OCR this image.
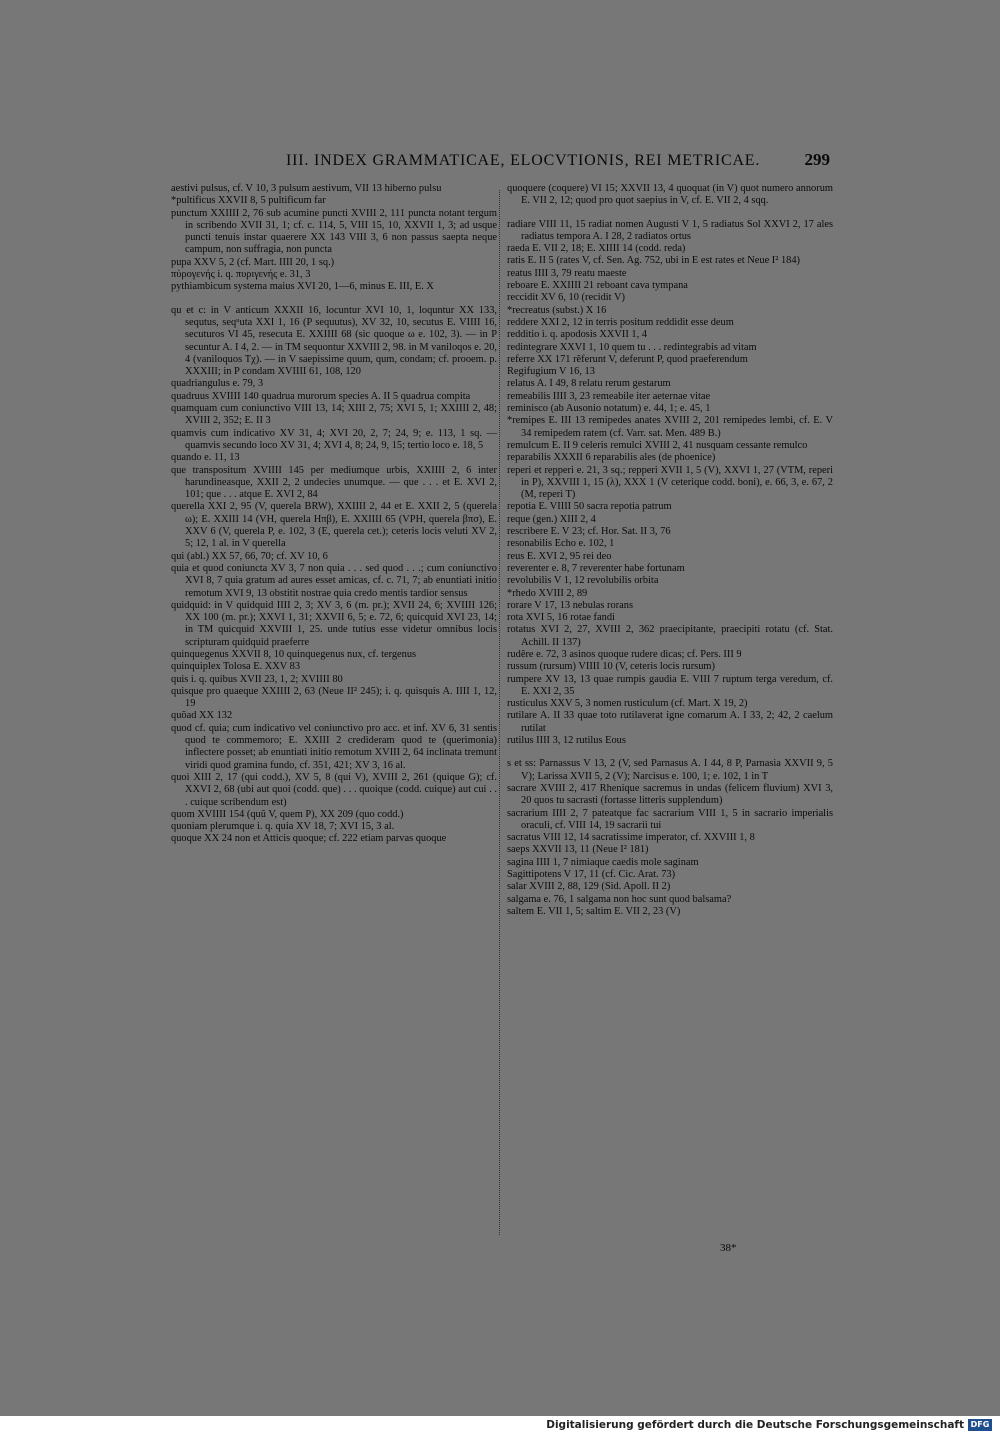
III. INDEX GRAMMATICAE, ELOCVTIONIS, REI METRICAE.	299

aestivi pulsus, cf. V 10, 3 pulsum aestivum, VII 13 hiberno pulsu

*pultificus XXVII 8, 5 pultificum far

punctum XXIIII 2, 76 sub acumine puncti XVIII 2, 111 puncta notant tergum in scribendo XVII 31, 1; cf. c. 114, 5, VIII 15, 10, XXVII 1, 3; ad usque puncti tenuis instar quaerere XX 143 VIII 3, 6 non passus saepta neque campum, non suffragia, non puncta

pupa XXV 5, 2 (cf. Mart. IIII 20, 1 sq.)

πὐρογενής i. q. πυριγενής e. 31, 3

pythiambicum systema maius XVI 20, 1—6, minus E. III, E. X

qu et c: in V anticum XXXII 16, locuntur XVI 10, 1, loquntur XX 133, sequtus, seqᵘuta XXI 1, 16 (P sequutus), XV 32, 10, secutus E. VIIII 16, secuturos VI 45, resecuta E. XXIIII 68 (sic quoque ω e. 102, 3). — in P secuntur A. I 4, 2. — in TM sequontur XXVIII 2, 98. in M vaniloqos e. 20, 4 (vaniloquos Tχ). — in V saepissime quum, qum, condam; cf. prooem. p. XXXIII; in P condam XVIIII 61, 108, 120

quadriangulus e. 79, 3

quadruus XVIIII 140 quadrua murorum species A. II 5 quadrua compita

quamquam cum coniunctivo VIII 13, 14; XIII 2, 75; XVI 5, 1; XXIIII 2, 48; XVIII 2, 352; E. II 3

quamvis cum indicativo XV 31, 4; XVI 20, 2, 7; 24, 9; e. 113, 1 sq. — quamvis secundo loco XV 31, 4; XVI 4, 8; 24, 9, 15; tertio loco e. 18, 5

quando e. 11, 13

que transpositum XVIIII 145 per mediumque urbis, XXIIII 2, 6 inter harundineasque, XXII 2, 2 undecies unumque. — que . . . et E. XVI 2, 101; que . . . atque E. XVI 2, 84

querella XXI 2, 95 (V, querela BRW), XXIIII 2, 44 et E. XXII 2, 5 (querela ω); E. XXIII 14 (VH, querela Hπβ), E. XXIIII 65 (VPH, querela βπσ), E. XXV 6 (V, querela P, e. 102, 3 (E, querela cet.); ceteris locis veluti XV 2, 5; 12, 1 al. in V querella

qui (abl.) XX 57, 66, 70; cf. XV 10, 6

quia et quod coniuncta XV 3, 7 non quia . . . sed quod . . .; cum coniunctivo XVI 8, 7 quia gratum ad aures esset amicas, cf. c. 71, 7; ab enuntiati initio remotum XVI 9, 13 obstitit nostrae quia credo mentis tardior sensus

quidquid: in V quidquid IIII 2, 3; XV 3, 6 (m. pr.); XVII 24, 6; XVIIII 126; XX 100 (m. pr.); XXVI 1, 31; XXVII 6, 5; e. 72, 6; quicquid XVI 23, 14; in TM quicquid XXVIII 1, 25. unde tutius esse videtur omnibus locis scripturam quidquid praeferre

quinquegenus XXVII 8, 10 quinquegenus nux, cf. tergenus

quinquiplex Tolosa E. XXV 83

quis i. q. quibus XVII 23, 1, 2; XVIIII 80

quisque pro quaeque XXIIII 2, 63 (Neue II² 245); i. q. quisquis A. IIII 1, 12, 19

quõad XX 132

quod cf. quia; cum indicativo vel coniunctivo pro acc. et inf. XV 6, 31 sentis quod te commemoro; E. XXIII 2 credideram quod te (querimonia) inflectere posset; ab enuntiati initio remotum XVIII 2, 64 inclinata tremunt viridi quod gramina fundo, cf. 351, 421; XV 3, 16 al.

quoi XIII 2, 17 (qui codd.), XV 5, 8 (qui V), XVIII 2, 261 (quique G); cf. XXVI 2, 68 (ubi aut quoi (codd. que) . . . quoique (codd. cuique) aut cui . . . cuique scribendum est)

quom XVIIII 154 (quũ V, quem P), XX 209 (quo codd.)

quoniam plerumque i. q. quia XV 18, 7; XVI 15, 3 al.

quoque XX 24 non et Atticis quoque; cf. 222 etiam parvas quoque

quoquere (coquere) VI 15; XXVII 13, 4 quoquat (in V) quot numero annorum E. VII 2, 12; quod pro quot saepius in V, cf. E. VII 2, 4 sqq.

radiare VIII 11, 15 radiat nomen Augusti V 1, 5 radiatus Sol XXVI 2, 17 ales radiatus tempora A. I 28, 2 radiatos ortus

raeda E. VII 2, 18; E. XIIII 14 (codd. reda)

ratis E. II 5 (rates V, cf. Sen. Ag. 752, ubi in E est rates et Neue I² 184)

reatus IIII 3, 79 reatu maeste

reboare E. XXIIII 21 reboant cava tympana

reccidit XV 6, 10 (recidit V)

*recreatus (subst.) X 16

reddere XXI 2, 12 in terris positum reddidit esse deum

redditio i. q. apodosis XXVII 1, 4

redintegrare XXVI 1, 10 quem tu . . . redintegrabis ad vitam

referre XX 171 rĕferunt V, deferunt P, quod praeferendum

Regifugium V 16, 13

relatus A. I 49, 8 relatu rerum gestarum

remeabilis IIII 3, 23 remeabile iter aeternae vitae

reminisco (ab Ausonio notatum) e. 44, 1; e. 45, 1

*remipes E. III 13 remipedes anates XVIII 2, 201 remipedes lembi, cf. E. V 34 remipedem ratem (cf. Varr. sat. Men. 489 B.)

remulcum E. II 9 celeris remulci XVIII 2, 41 nusquam cessante remulco

reparabilis XXXII 6 reparabilis ales (de phoenice)

reperi et repperi e. 21, 3 sq.; repperi XVII 1, 5 (V), XXVI 1, 27 (VTM, reperi in P), XXVIII 1, 15 (λ), XXX 1 (V ceterique codd. boni), e. 66, 3, e. 67, 2 (M, reperi T)

repotia E. VIIII 50 sacra repotia patrum

reque (gen.) XIII 2, 4

rescribere E. V 23; cf. Hor. Sat. II 3, 76

resonabilis Echo e. 102, 1

reus E. XVI 2, 95 rei deo

reverenter e. 8, 7 reverenter habe fortunam

revolubilis V 1, 12 revolubilis orbita

*rhedo XVIII 2, 89

rorare V 17, 13 nebulas rorans

rota XVI 5, 16 rotae fandi

rotatus XVI 2, 27, XVIII 2, 362 praecipitante, praecipiti rotatu (cf. Stat. Achill. II 137)

rudĕre e. 72, 3 asinos quoque rudere dicas; cf. Pers. III 9

russum (rursum) VIIII 10 (V, ceteris locis rursum)

rumpere XV 13, 13 quae rumpis gaudia E. VIII 7 ruptum terga veredum, cf. E. XXI 2, 35

rusticulus XXV 5, 3 nomen rusticulum (cf. Mart. X 19, 2)

rutilare A. II 33 quae toto rutilaverat igne comarum A. I 33, 2; 42, 2 caelum rutilat

rutilus IIII 3, 12 rutilus Eous

s et ss: Parnassus V 13, 2 (V, sed Parnasus A. I 44, 8 P, Parnasia XXVII 9, 5 V); Larissa XVII 5, 2 (V); Narcisus e. 100, 1; e. 102, 1 in T

sacrare XVIII 2, 417 Rhenique sacremus in undas (felicem fluvium) XVI 3, 20 quos tu sacrasti (fortasse litteris supplendum)

sacrarium IIII 2, 7 pateatque fac sacrarium VIII 1, 5 in sacrario imperialis oraculi, cf. VIII 14, 19 sacrarii tui

sacratus VIII 12, 14 sacratissime imperator, cf. XXVIII 1, 8

saeps XXVII 13, 11 (Neue I² 181)

sagina IIII 1, 7 nimiaque caedis mole saginam

Sagittipotens V 17, 11 (cf. Cic. Arat. 73)

salar XVIII 2, 88, 129 (Sid. Apoll. II 2)

salgama e. 76, 1 salgama non hoc sunt quod balsama?

saltem E. VII 1, 5; saltim E. VII 2, 23 (V)

38*
Digitalisierung gefördert durch die Deutsche Forschungsgemeinschaft DFG
